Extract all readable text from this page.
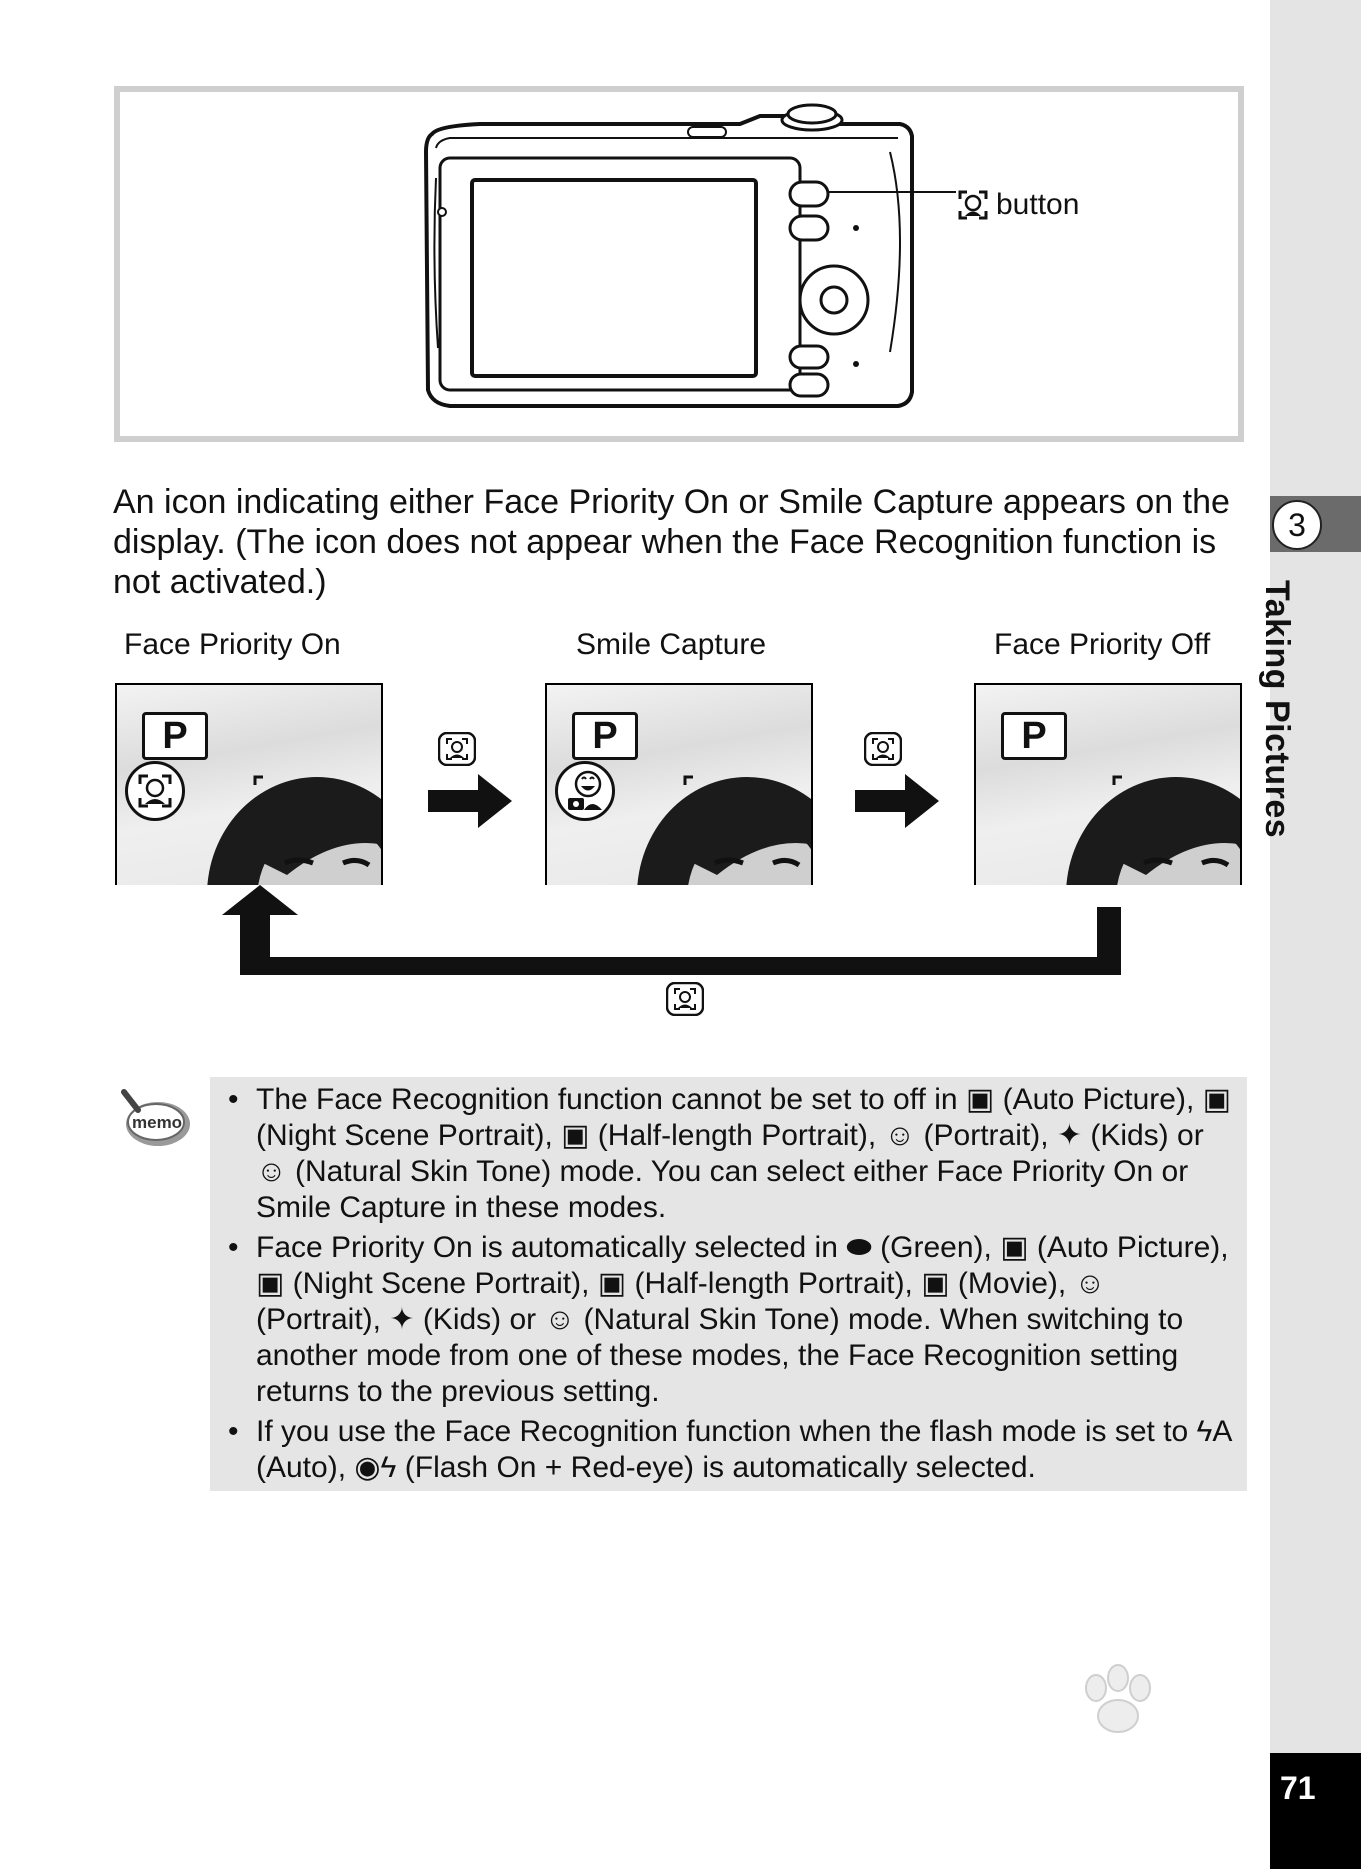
3
Taking Pictures
71
button
An icon indicating either Face Priority On or Smile Capture appears on the display. (The icon does not appear when the Face Recognition function is not activated.)
Face Priority On	Smile Capture	Face Priority Off
P	P	P
memo
• The Face Recognition function cannot be set to off in ▣ (Auto Picture), ▣ (Night Scene Portrait), ▣ (Half-length Portrait), ☺ (Portrait), ✦ (Kids) or ☺ (Natural Skin Tone) mode. You can select either Face Priority On or Smile Capture in these modes.
• Face Priority On is automatically selected in ⬬ (Green), ▣ (Auto Picture), ▣ (Night Scene Portrait), ▣ (Half-length Portrait), ▣ (Movie), ☺ (Portrait), ✦ (Kids) or ☺ (Natural Skin Tone) mode. When switching to another mode from one of these modes, the Face Recognition setting returns to the previous setting.
• If you use the Face Recognition function when the flash mode is set to ϟA (Auto), ◉ϟ (Flash On + Red-eye) is automatically selected.
